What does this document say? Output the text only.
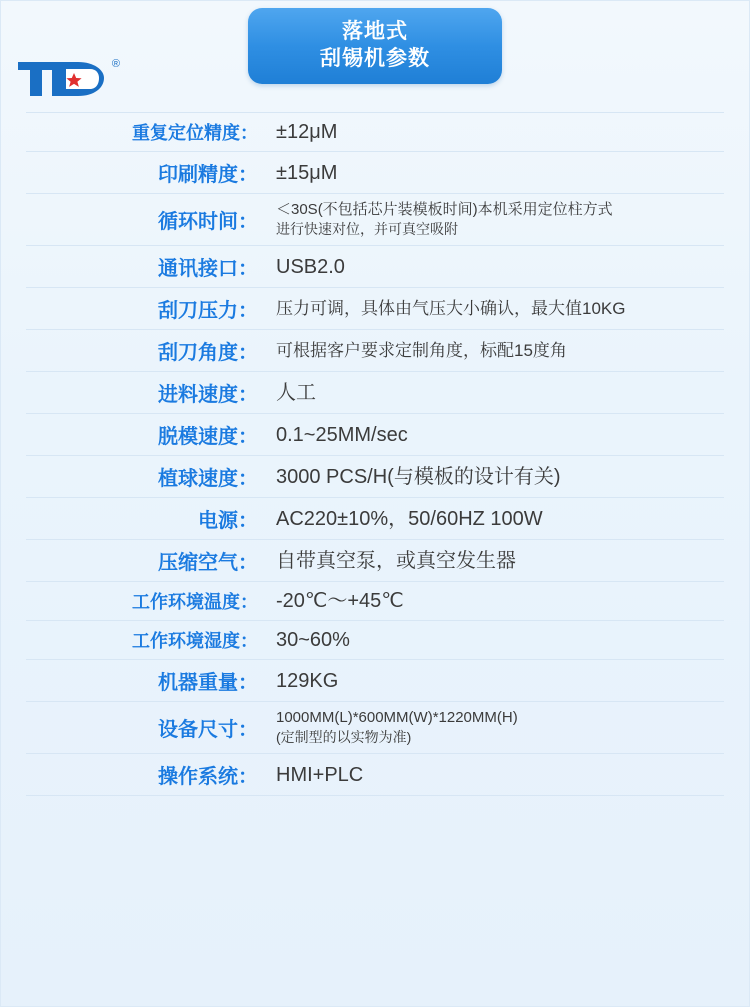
®
落地式
刮锡机参数
重复定位精度：	±12μM
印刷精度：	±15μM
循环时间：	＜30S(不包括芯片装模板时间)本机采用定位柱方式
进行快速对位，并可真空吸附

通讯接口：	USB2.0
刮刀压力：	压力可调，具体由气压大小确认，最大值10KG
刮刀角度：	可根据客户要求定制角度，标配15度角
进料速度：	人工
脱模速度：	0.1~25MM/sec
植球速度：	3000 PCS/H(与模板的设计有关)
电源：	AC220±10%，50/60HZ 100W
压缩空气：	自带真空泵，或真空发生器
工作环境温度：	-20℃～+45℃
工作环境湿度：	30~60%
机器重量：	129KG
设备尺寸：	1000MM(L)*600MM(W)*1220MM(H)
(定制型的以实物为准)

操作系统：	HMI+PLC
